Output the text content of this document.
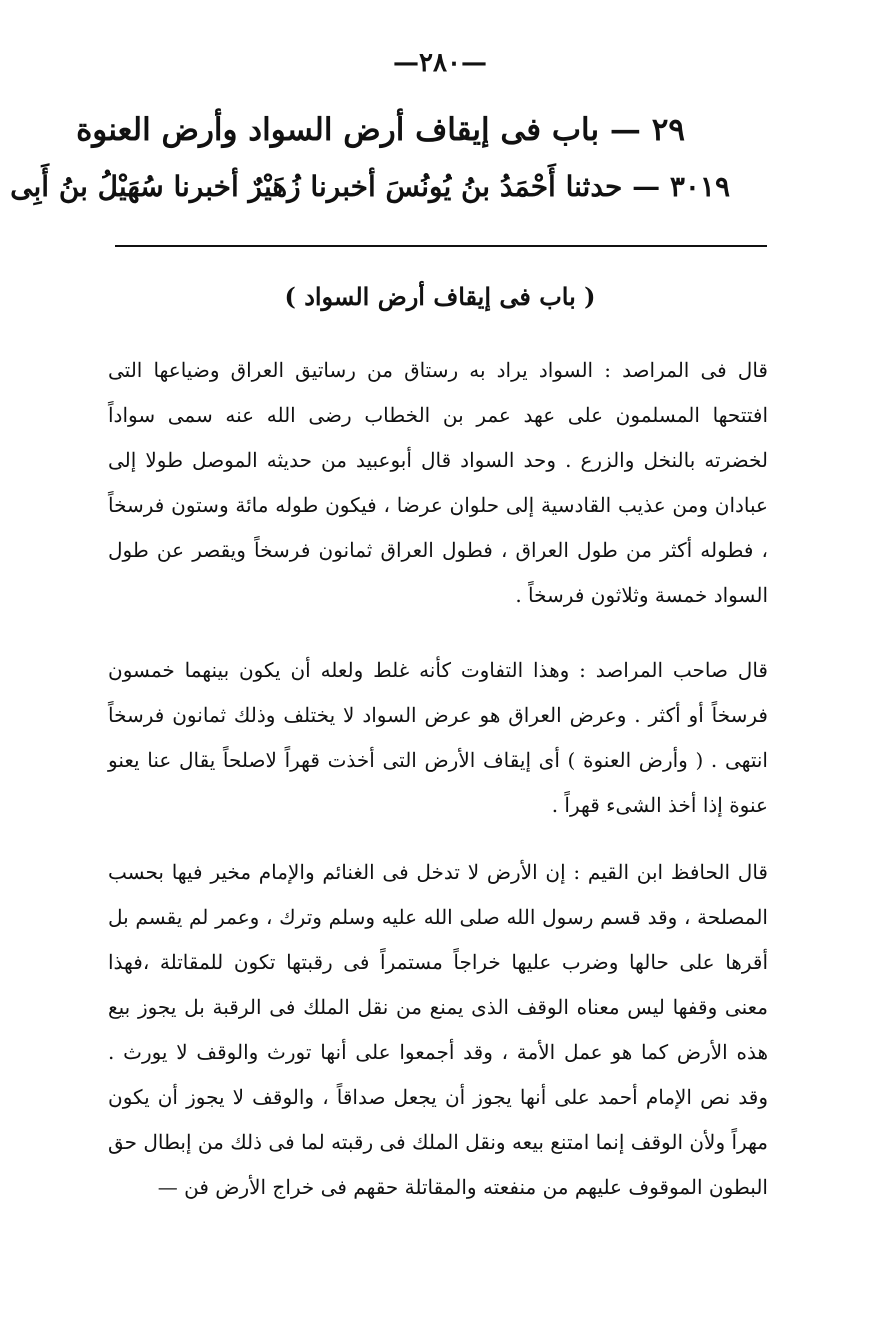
—٢٨٠—
٢٩ — باب فى إيقاف أرض السواد وأرض العنوة
٣٠١٩ — حدثنا أَحْمَدُ بنُ يُونُسَ أخبرنا زُهَيْرٌ أخبرنا سُهَيْلُ بنُ أَبِى
( باب فى إيقاف أرض السواد )

قال فى المراصد : السواد يراد به رستاق من رساتيق العراق وضياعها التى افتتحها المسلمون على عهد عمر بن الخطاب رضى الله عنه سمى سواداً لخضرته بالنخل والزرع . وحد السواد قال أبوعبيد من حديثه الموصل طولا إلى عبادان ومن عذيب القادسية إلى حلوان عرضا ، فيكون طوله مائة وستون فرسخاً ، فطوله أكثر من طول العراق ، فطول العراق ثمانون فرسخاً ويقصر عن طول السواد خمسة وثلاثون فرسخاً .

قال صاحب المراصد : وهذا التفاوت كأنه غلط ولعله أن يكون بينهما خمسون فرسخاً أو أكثر . وعرض العراق هو عرض السواد لا يختلف وذلك ثمانون فرسخاً انتهى . ( وأرض العنوة ) أى إيقاف الأرض التى أخذت قهراً لاصلحاً يقال عنا يعنو عنوة إذا أخذ الشىء قهراً .

قال الحافظ ابن القيم : إن الأرض لا تدخل فى الغنائم والإمام مخير فيها بحسب المصلحة ، وقد قسم رسول الله صلى الله عليه وسلم وترك ، وعمر لم يقسم بل أقرها على حالها وضرب عليها خراجاً مستمراً فى رقبتها تكون للمقاتلة ،فهذا معنى وقفها ليس معناه الوقف الذى يمنع من نقل الملك فى الرقبة بل يجوز بيع هذه الأرض كما هو عمل الأمة ، وقد أجمعوا على أنها تورث والوقف لا يورث . وقد نص الإمام أحمد على أنها يجوز أن يجعل صداقاً ، والوقف لا يجوز أن يكون مهراً ولأن الوقف إنما امتنع بيعه ونقل الملك فى رقبته لما فى ذلك من إبطال حق البطون الموقوف عليهم من منفعته والمقاتلة حقهم فى خراج الأرض فن —
